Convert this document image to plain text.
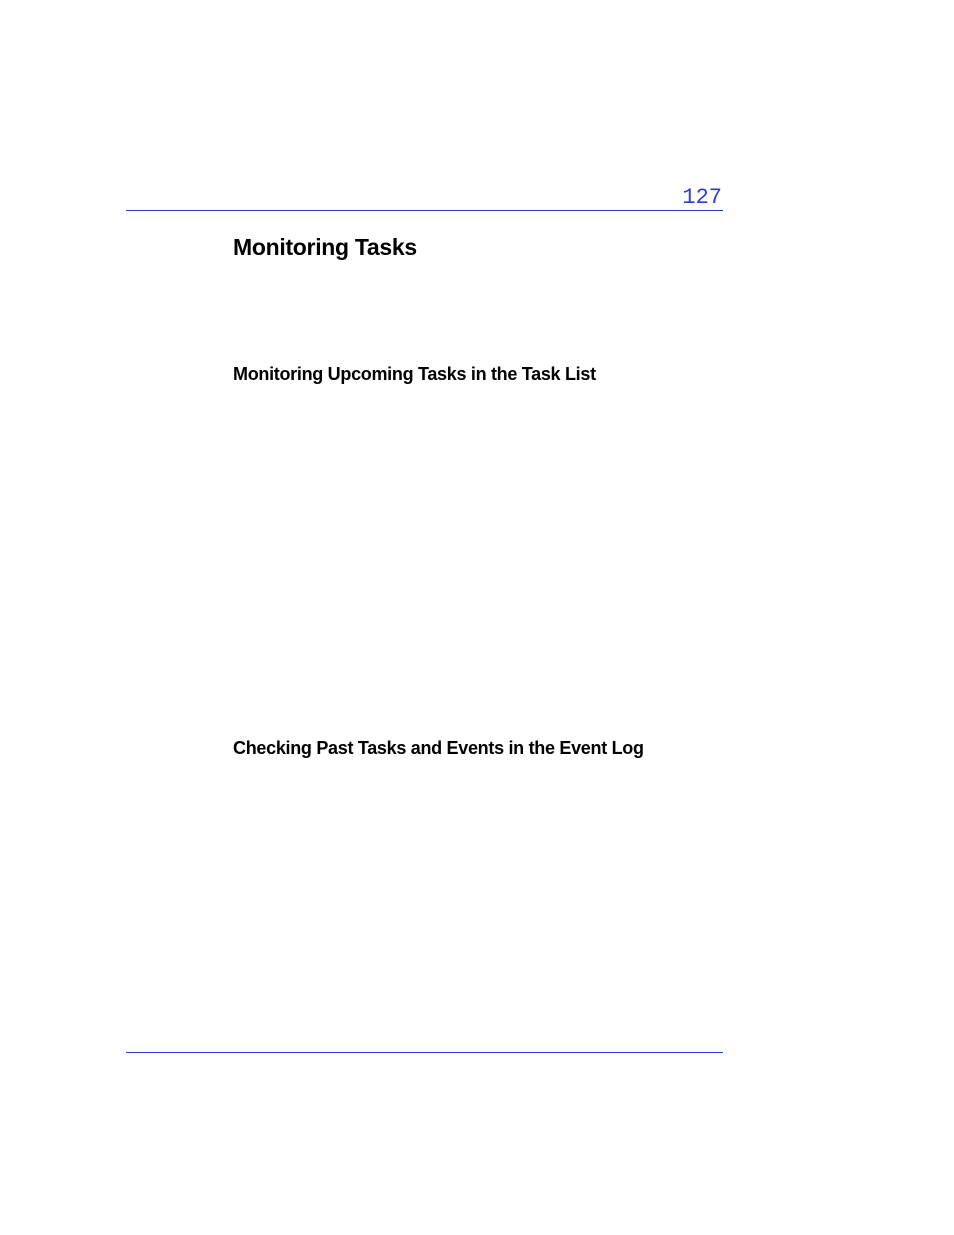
127
Monitoring Tasks
Monitoring Upcoming Tasks in the Task List
Checking Past Tasks and Events in the Event Log
